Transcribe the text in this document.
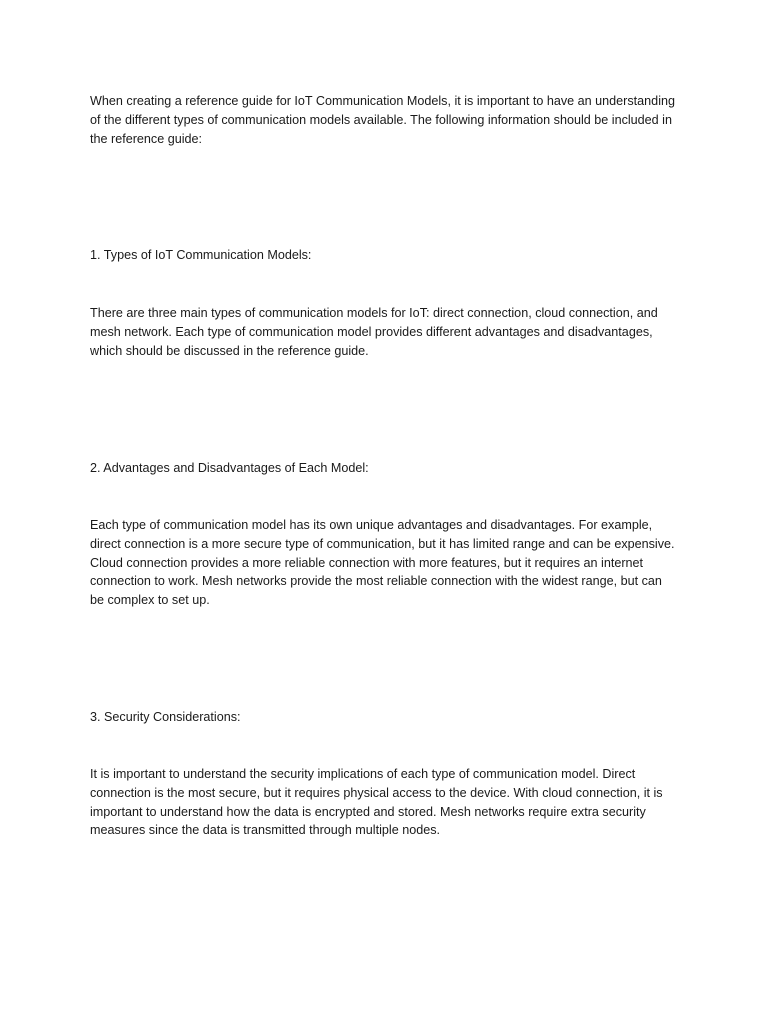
When creating a reference guide for IoT Communication Models, it is important to have an understanding of the different types of communication models available. The following information should be included in the reference guide:

1. Types of IoT Communication Models:

There are three main types of communication models for IoT: direct connection, cloud connection, and mesh network. Each type of communication model provides different advantages and disadvantages, which should be discussed in the reference guide.

2. Advantages and Disadvantages of Each Model:

Each type of communication model has its own unique advantages and disadvantages. For example, direct connection is a more secure type of communication, but it has limited range and can be expensive. Cloud connection provides a more reliable connection with more features, but it requires an internet connection to work. Mesh networks provide the most reliable connection with the widest range, but can be complex to set up.

3. Security Considerations:

It is important to understand the security implications of each type of communication model. Direct connection is the most secure, but it requires physical access to the device. With cloud connection, it is important to understand how the data is encrypted and stored. Mesh networks require extra security measures since the data is transmitted through multiple nodes.
